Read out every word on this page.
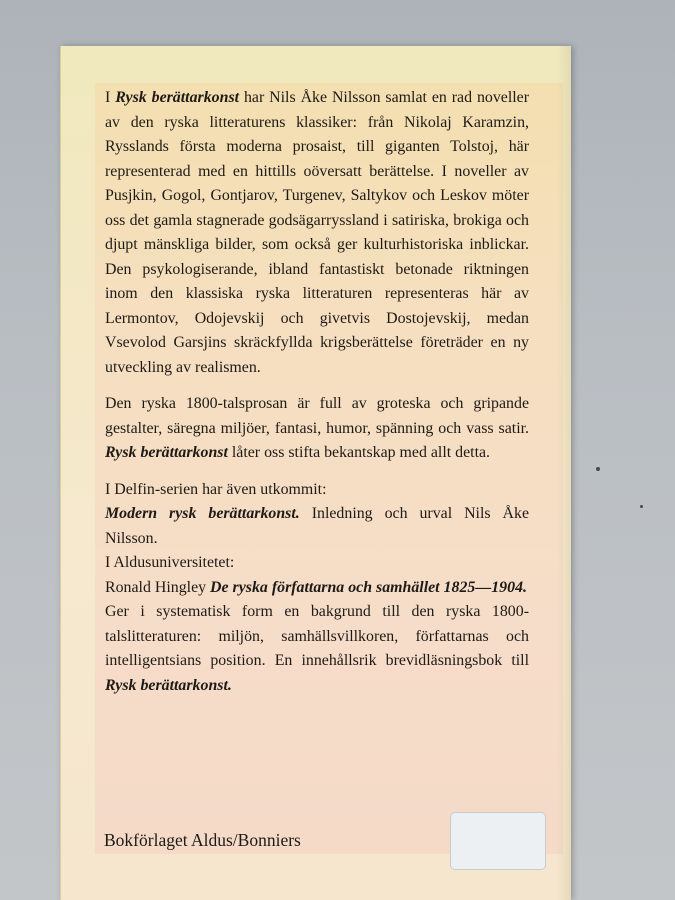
I Rysk berättarkonst har Nils Åke Nilsson samlat en rad noveller av den ryska litteraturens klassiker: från Nikolaj Karamzin, Rysslands första moderna prosaist, till giganten Tolstoj, här representerad med en hittills oöversatt berättelse. I noveller av Pusjkin, Gogol, Gontjarov, Turgenev, Saltykov och Leskov möter oss det gamla stagnerade godsägarryssland i satiriska, brokiga och djupt mänskliga bilder, som också ger kulturhistoriska inblickar. Den psykologiserande, ibland fantastiskt betonade riktningen inom den klassiska ryska litteraturen representeras här av Lermontov, Odojevskij och givetvis Dostojevskij, medan Vsevolod Garsjins skräckfyllda krigsberättelse företräder en ny utveckling av realismen.

Den ryska 1800-talsprosan är full av groteska och gripande gestalter, säregna miljöer, fantasi, humor, spänning och vass satir. Rysk berättarkonst låter oss stifta bekantskap med allt detta.

I Delfin-serien har även utkommit:
Modern rysk berättarkonst. Inledning och urval Nils Åke Nilsson.

I Aldusuniversitetet:
Ronald Hingley De ryska författarna och samhället 1825—1904.
Ger i systematisk form en bakgrund till den ryska 1800-talslitteraturen: miljön, samhällsvillkoren, författarnas och intelligentsians position. En innehållsrik brevidläsningsbok till Rysk berättarkonst.

Bokförlaget Aldus/Bonniers
